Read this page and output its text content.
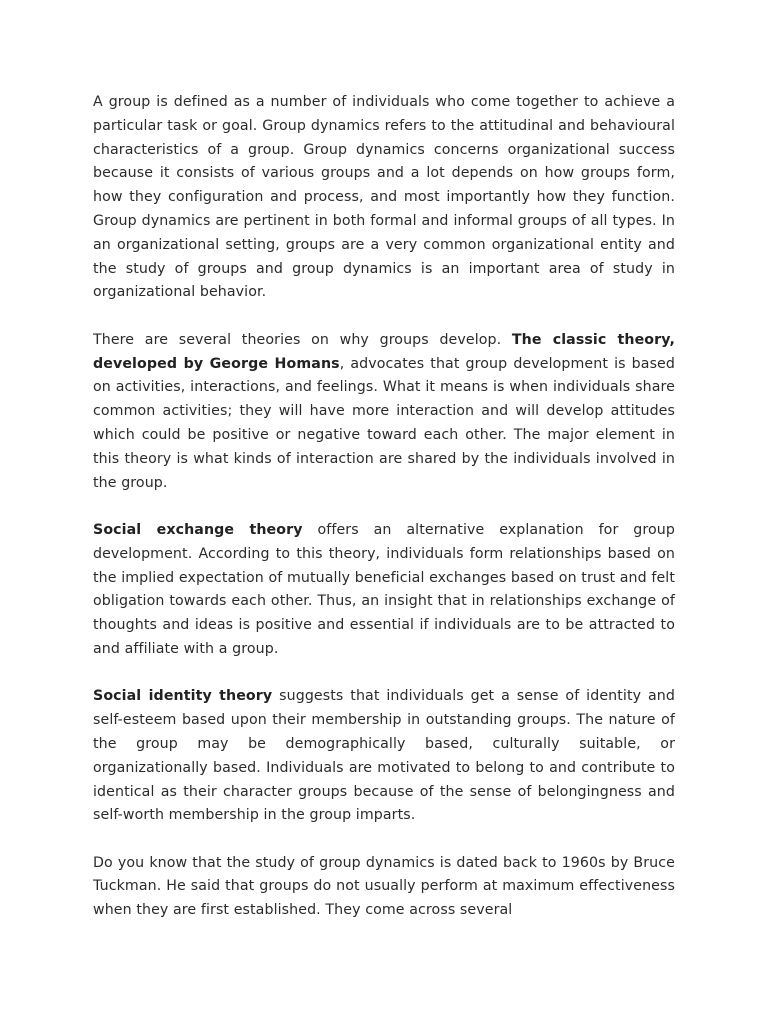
A group is defined as a number of individuals who come together to achieve a particular task or goal. Group dynamics refers to the attitudinal and behavioural characteristics of a group. Group dynamics concerns organizational success because it consists of various groups and a lot depends on how groups form, how they configuration and process, and most importantly how they function. Group dynamics are pertinent in both formal and informal groups of all types. In an organizational setting, groups are a very common organizational entity and the study of groups and group dynamics is an important area of study in organizational behavior.

There are several theories on why groups develop. The classic theory, developed by George Homans, advocates that group development is based on activities, interactions, and feelings. What it means is when individuals share common activities; they will have more interaction and will develop attitudes which could be positive or negative toward each other. The major element in this theory is what kinds of interaction are shared by the individuals involved in the group.

Social exchange theory offers an alternative explanation for group development. According to this theory, individuals form relationships based on the implied expectation of mutually beneficial exchanges based on trust and felt obligation towards each other. Thus, an insight that in relationships exchange of thoughts and ideas is positive and essential if individuals are to be attracted to and affiliate with a group.

Social identity theory suggests that individuals get a sense of identity and self-esteem based upon their membership in outstanding groups. The nature of the group may be demographically based, culturally suitable, or organizationally based. Individuals are motivated to belong to and contribute to identical as their character groups because of the sense of belongingness and self-worth membership in the group imparts.

Do you know that the study of group dynamics is dated back to 1960s by Bruce Tuckman. He said that groups do not usually perform at maximum effectiveness when they are first established. They come across several
